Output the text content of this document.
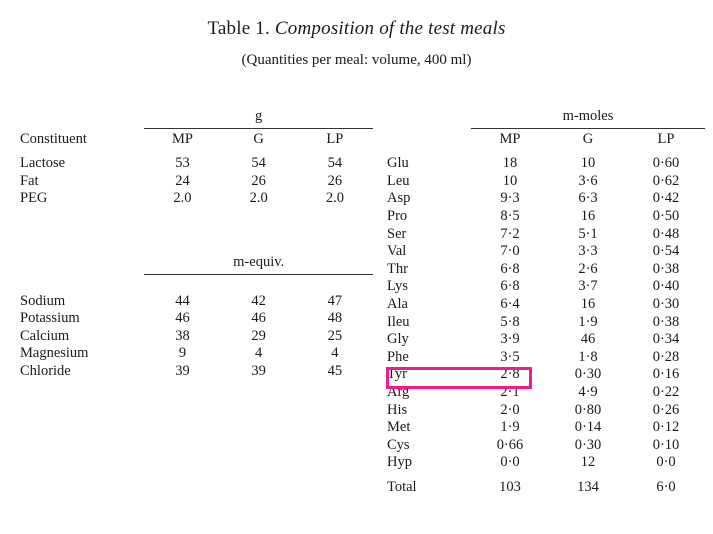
Table 1. Composition of the test meals
(Quantities per meal: volume, 400 ml)
	g		

Constituent	MP	G	LP

Lactose	53	54	54
Fat	24	26	26
PEG	2.0	2.0	2.0

	m-equiv.		

Sodium	44	42	47
Potassium	46	46	48
Calcium	38	29	25
Magnesium	9	4	4
Chloride	39	39	45
	m-moles		

	MP	G	LP

Glu	18	10	0·60
Leu	10	3·6	0·62
Asp	9·3	6·3	0·42
Pro	8·5	16	0·50
Ser	7·2	5·1	0·48
Val	7·0	3·3	0·54
Thr	6·8	2·6	0·38
Lys	6·8	3·7	0·40
Ala	6·4	16	0·30
Ileu	5·8	1·9	0·38
Gly	3·9	46	0·34
Phe	3·5	1·8	0·28
Tyr	2·8	0·30	0·16
Arg	2·1	4·9	0·22
His	2·0	0·80	0·26
Met	1·9	0·14	0·12
Cys	0·66	0·30	0·10
Hyp	0·0	12	0·0

Total	103	134	6·0
